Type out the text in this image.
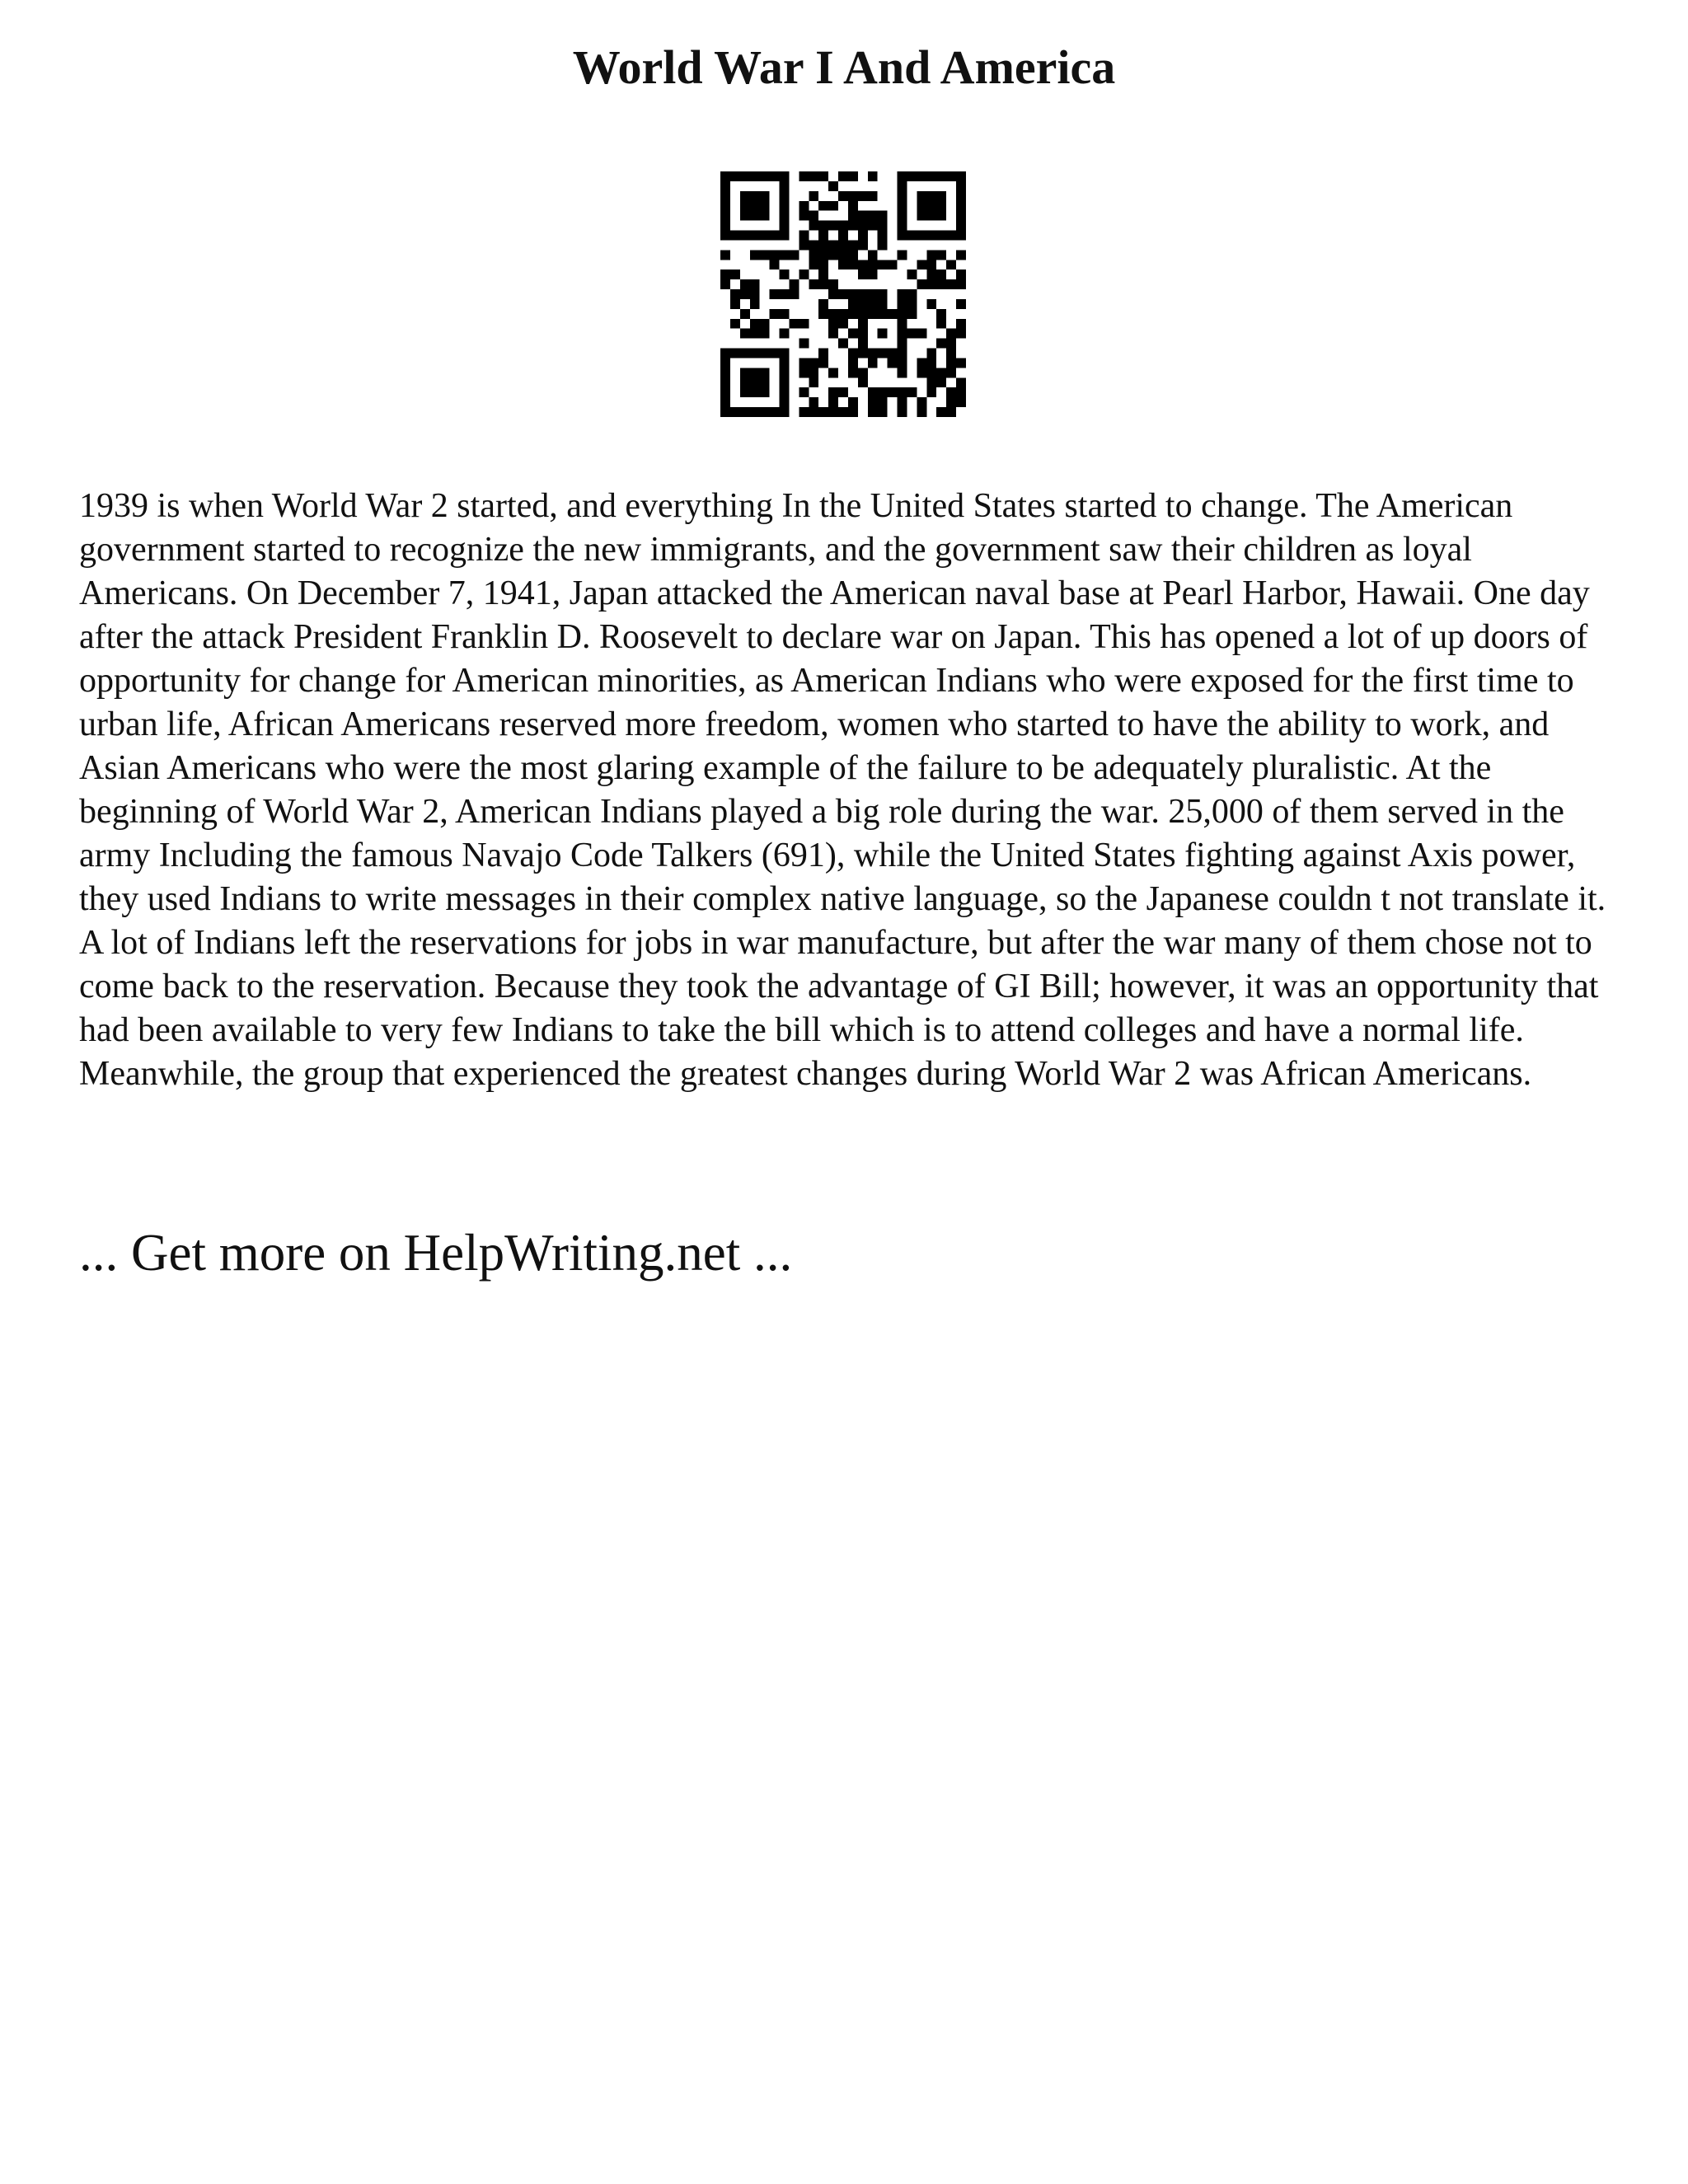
World War I And America

1939 is when World War 2 started, and everything In the United States started to change. The American government started to recognize the new immigrants, and the government saw their children as loyal Americans. On December 7, 1941, Japan attacked the American naval base at Pearl Harbor, Hawaii. One day after the attack President Franklin D. Roosevelt to declare war on Japan. This has opened a lot of up doors of opportunity for change for American minorities, as American Indians who were exposed for the first time to urban life, African Americans reserved more freedom, women who started to have the ability to work, and Asian Americans who were the most glaring example of the failure to be adequately pluralistic. At the beginning of World War 2, American Indians played a big role during the war. 25,000 of them served in the army Including the famous Navajo Code Talkers (691), while the United States fighting against Axis power, they used Indians to write messages in their complex native language, so the Japanese couldn t not translate it. A lot of Indians left the reservations for jobs in war manufacture, but after the war many of them chose not to come back to the reservation. Because they took the advantage of GI Bill; however, it was an opportunity that had been available to very few Indians to take the bill which is to attend colleges and have a normal life. Meanwhile, the group that experienced the greatest changes during World War 2 was African Americans.

... Get more on HelpWriting.net ...
